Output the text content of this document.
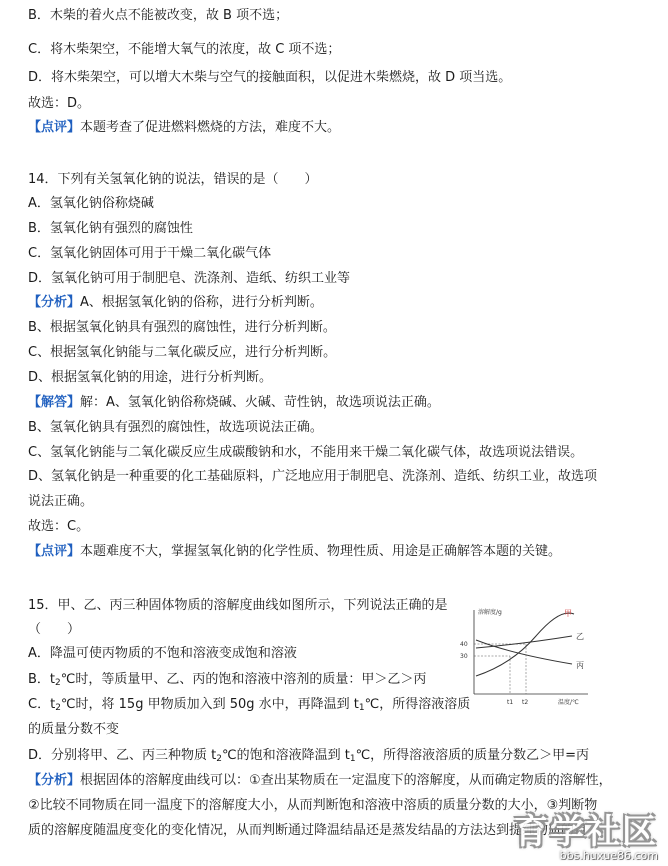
B．木柴的着火点不能被改变，故 B 项不选；
C．将木柴架空，不能增大氧气的浓度，故 C 项不选；
D．将木柴架空，可以增大木柴与空气的接触面积，以促进木柴燃烧，故 D 项当选。
故选：D。
【点评】本题考查了促进燃料燃烧的方法，难度不大。
14．下列有关氢氧化钠的说法，错误的是（　　）
A．氢氧化钠俗称烧碱
B．氢氧化钠有强烈的腐蚀性
C．氢氧化钠固体可用于干燥二氧化碳气体
D．氢氧化钠可用于制肥皂、洗涤剂、造纸、纺织工业等
【分析】A、根据氢氧化钠的俗称，进行分析判断。
B、根据氢氧化钠具有强烈的腐蚀性，进行分析判断。
C、根据氢氧化钠能与二氧化碳反应，进行分析判断。
D、根据氢氧化钠的用途，进行分析判断。
【解答】解：A、氢氧化钠俗称烧碱、火碱、苛性钠，故选项说法正确。
B、氢氧化钠具有强烈的腐蚀性，故选项说法正确。
C、氢氧化钠能与二氧化碳反应生成碳酸钠和水，不能用来干燥二氧化碳气体，故选项说法错误。
D、氢氧化钠是一种重要的化工基础原料，广泛地应用于制肥皂、洗涤剂、造纸、纺织工业，故选项
说法正确。
故选：C。
【点评】本题难度不大，掌握氢氧化钠的化学性质、物理性质、用途是正确解答本题的关键。
15．甲、乙、丙三种固体物质的溶解度曲线如图所示，下列说法正确的是
（　　）
A．降温可使丙物质的不饱和溶液变成饱和溶液
B．$t_2℃$时，等质量甲、乙、丙的饱和溶液中溶剂的质量：甲＞乙＞丙
C．$t_2℃$时，将 15g 甲物质加入到 50g 水中，再降温到 $t_1℃$，所得溶液溶质
的质量分数不变
D．分别将甲、乙、丙三种物质 $t_2℃$的饱和溶液降温到 $t_1℃$，所得溶液溶质的质量分数乙＞甲=丙
【分析】根据固体的溶解度曲线可以：①查出某物质在一定温度下的溶解度，从而确定物质的溶解性，
②比较不同物质在同一温度下的溶解度大小，从而判断饱和溶液中溶质的质量分数的大小，③判断物
质的溶解度随温度变化的变化情况，从而判断通过降温结晶还是蒸发结晶的方法达到提纯物质的目
溶解度/g
温度/℃
40
30
t1 t2
甲
乙
丙
育学社区
bbs.huxue86.com
